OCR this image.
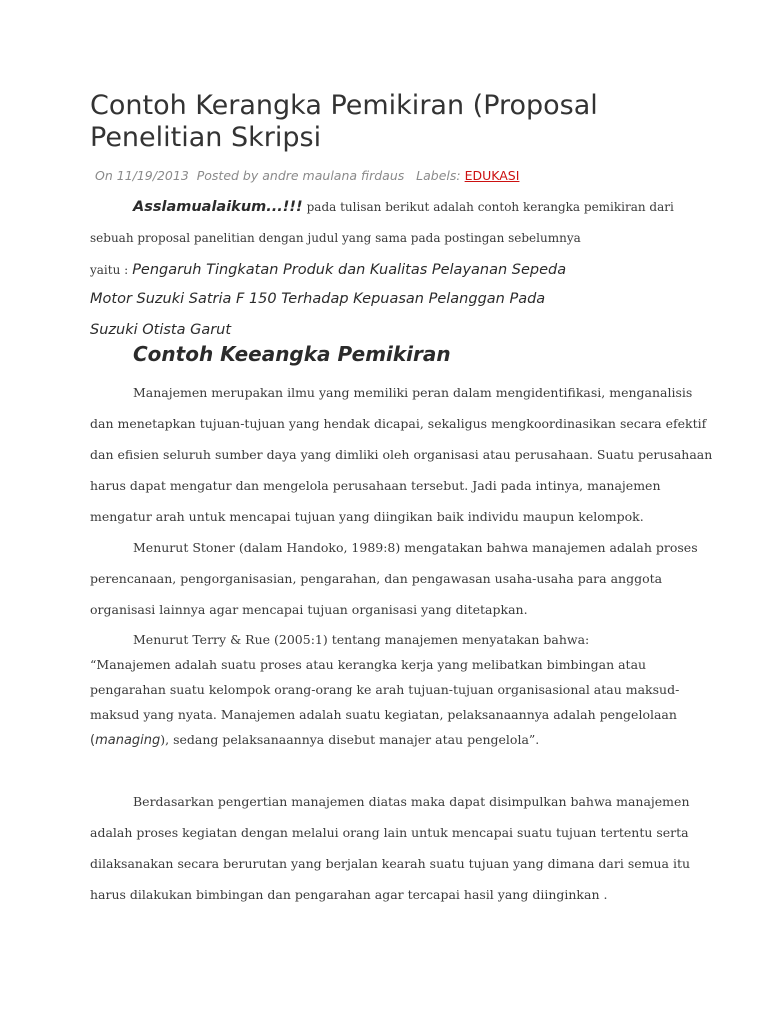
Contoh Kerangka Pemikiran (Proposal
Penelitian Skripsi
On 11/19/2013 Posted by andre maulana firdaus Labels: EDUKASI
Asslamualaikum...!!! pada tulisan berikut adalah contoh kerangka pemikiran dari
sebuah proposal panelitian dengan judul yang sama pada postingan sebelumnya
yaitu : Pengaruh Tingkatan Produk dan Kualitas Pelayanan Sepeda
Motor Suzuki Satria F 150 Terhadap Kepuasan Pelanggan Pada
Suzuki Otista Garut
Contoh Keeangka Pemikiran
Manajemen merupakan ilmu yang memiliki peran dalam mengidentifikasi, menganalisis
dan menetapkan tujuan-tujuan yang hendak dicapai, sekaligus mengkoordinasikan secara efektif
dan efisien seluruh sumber daya yang dimliki oleh organisasi atau perusahaan. Suatu perusahaan
harus dapat mengatur dan mengelola perusahaan tersebut. Jadi pada intinya, manajemen
mengatur arah untuk mencapai tujuan yang diingikan baik individu maupun kelompok.
Menurut Stoner (dalam Handoko, 1989:8) mengatakan bahwa manajemen adalah proses
perencanaan, pengorganisasian, pengarahan, dan pengawasan usaha-usaha para anggota
organisasi lainnya agar mencapai tujuan organisasi yang ditetapkan.
Menurut Terry & Rue (2005:1) tentang manajemen menyatakan bahwa:
“Manajemen adalah suatu proses atau kerangka kerja yang melibatkan bimbingan atau
pengarahan suatu kelompok orang-orang ke arah tujuan-tujuan organisasional atau maksud-
maksud yang nyata. Manajemen adalah suatu kegiatan, pelaksanaannya adalah pengelolaan
(managing), sedang pelaksanaannya disebut manajer atau pengelola”.
Berdasarkan pengertian manajemen diatas maka dapat disimpulkan bahwa manajemen
adalah proses kegiatan dengan melalui orang lain untuk mencapai suatu tujuan tertentu serta
dilaksanakan secara berurutan yang berjalan kearah suatu tujuan yang dimana dari semua itu
harus dilakukan bimbingan dan pengarahan agar tercapai hasil yang diinginkan .
